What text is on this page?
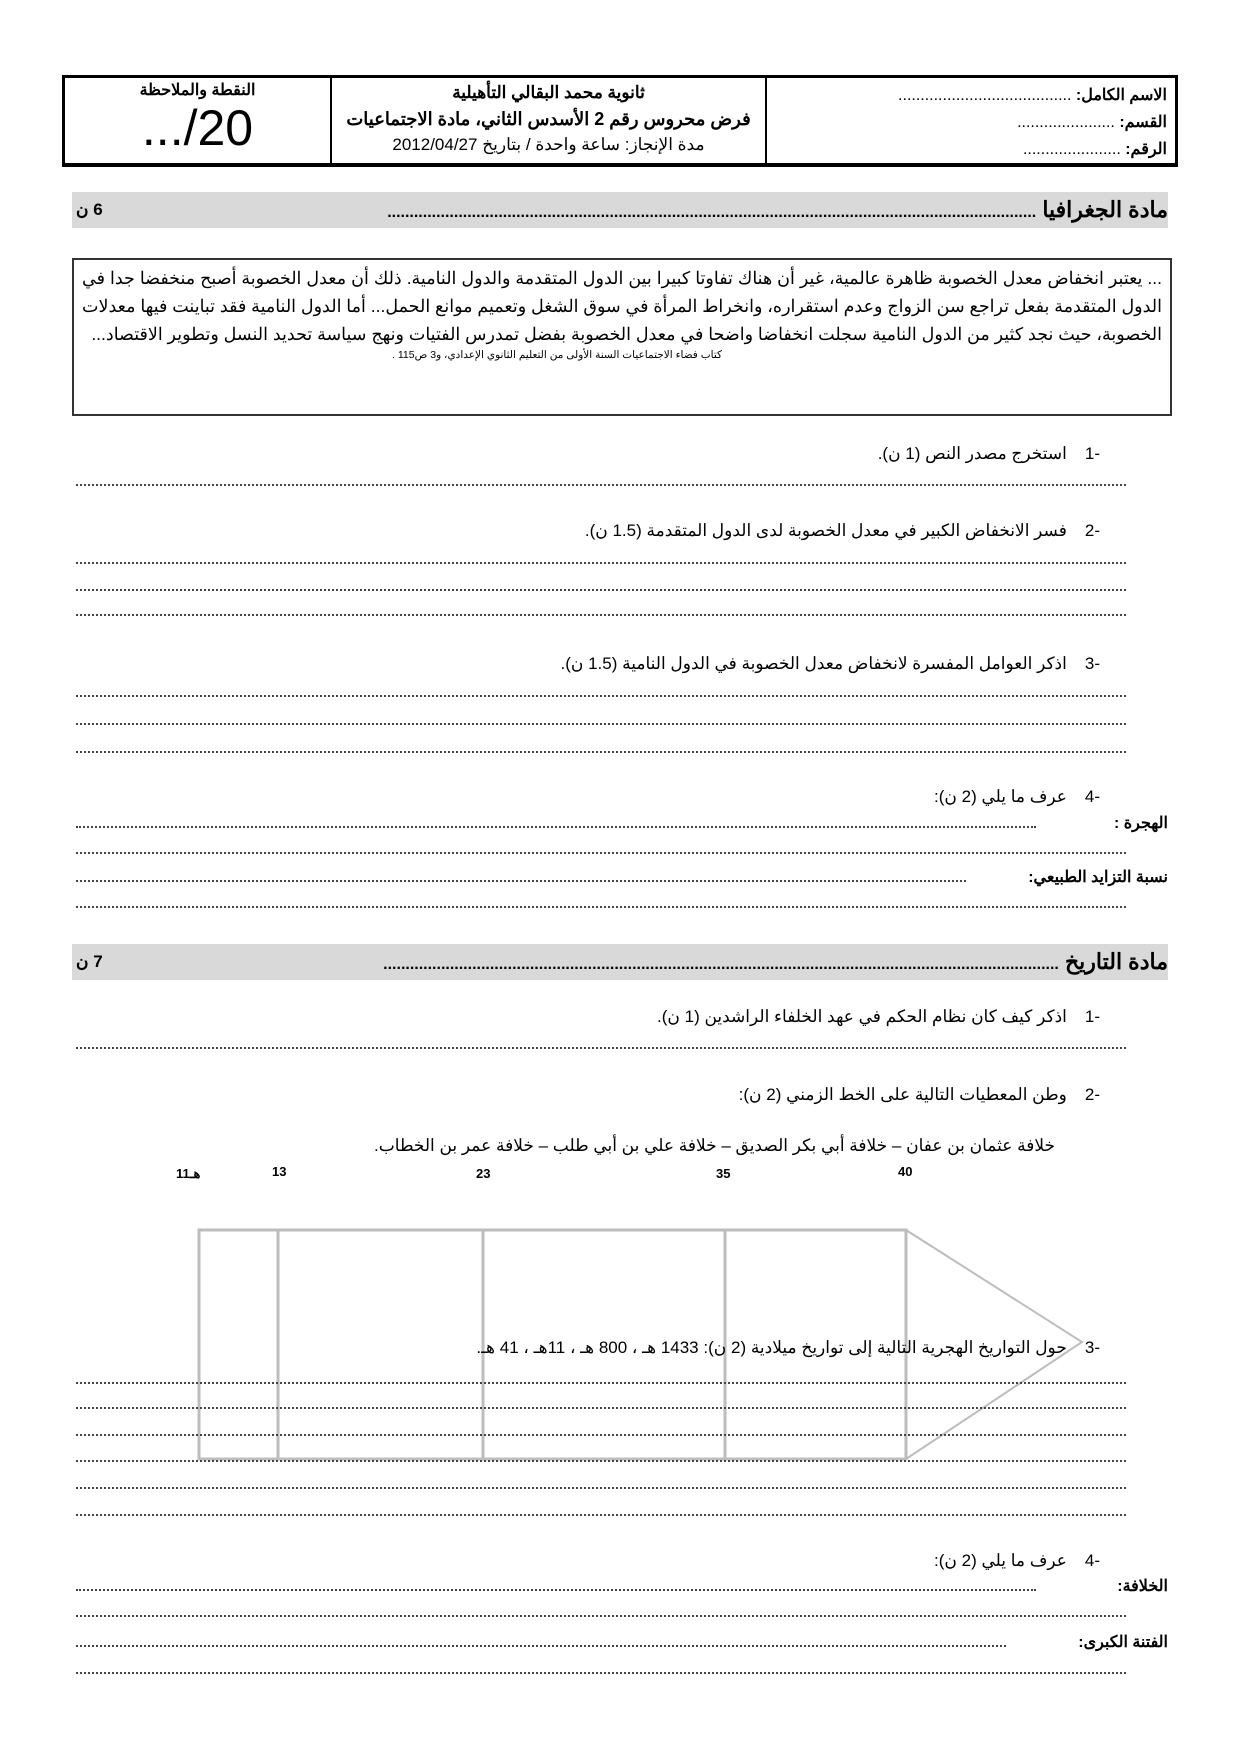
الاسم الكامل: .......................................
القسم: ......................
الرقم: ......................
ثانوية محمد البقالي التأهيلية
فرض محروس رقم 2 الأسدس الثاني، مادة الاجتماعيات
مدة الإنجاز: ساعة واحدة / بتاريخ 2012/04/27
النقطة والملاحظة
.../20
مادة الجغرافيا ..................................................................................................................................................
6 ن
... يعتبر انخفاض معدل الخصوبة ظاهرة عالمية، غير أن هناك تفاوتا كبيرا بين الدول المتقدمة والدول النامية. ذلك أن معدل الخصوبة أصبح منخفضا جدا في الدول المتقدمة بفعل تراجع سن الزواج وعدم استقراره، وانخراط المرأة في سوق الشغل وتعميم موانع الحمل... أما الدول النامية فقد تباينت فيها معدلات الخصوبة، حيث نجد كثير من الدول النامية سجلت انخفاضا واضحا في معدل الخصوبة بفضل تمدرس الفتيات ونهج سياسة تحديد النسل وتطوير الاقتصاد...
كتاب فضاء الاجتماعيات السنة الأولى من التعليم الثانوي الإعدادي، و3 ص115 .
-1استخرج مصدر النص (1 ن).
-2فسر الانخفاض الكبير في معدل الخصوبة لدى الدول المتقدمة (1.5 ن).
-3اذكر العوامل المفسرة لانخفاض معدل الخصوبة في الدول النامية (1.5 ن).
-4عرف ما يلي (2 ن):
الهجرة :
نسبة التزايد الطبيعي:
مادة التاريخ ........................................................................................................................................................
7 ن
-1اذكر كيف كان نظام الحكم في عهد الخلفاء الراشدين (1 ن).
-2وطن المعطيات التالية على الخط الزمني (2 ن):
خلافة عثمان بن عفان – خلافة أبي بكر الصديق – خلافة علي بن أبي طلب – خلافة عمر بن الخطاب.
11هـ	13	23	35	40
-3حول التواريخ الهجرية التالية إلى تواريخ ميلادية (2 ن): 1433 هـ ، 800 هـ ، 11هـ ، 41 هـ.
-4عرف ما يلي (2 ن):
الخلافة:
الفتنة الكبرى:
